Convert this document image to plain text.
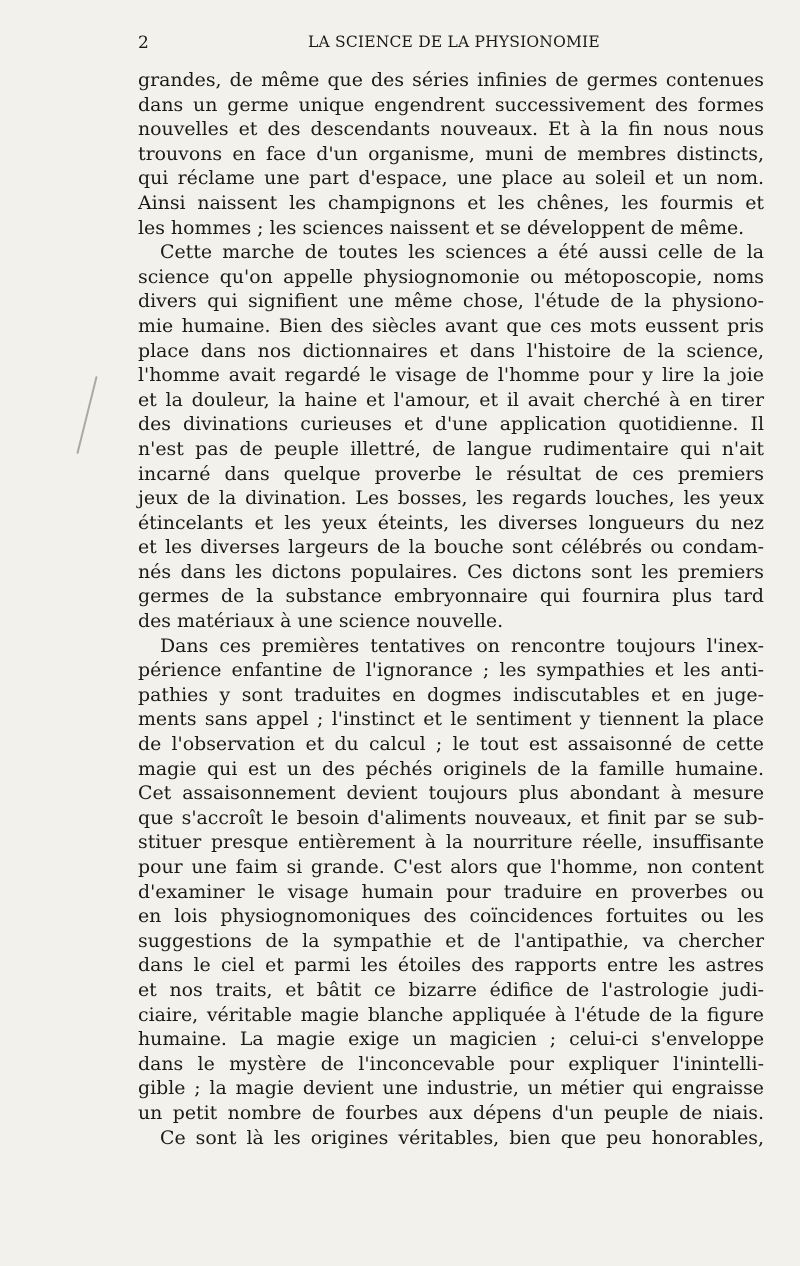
2	LA SCIENCE DE LA PHYSIONOMIE
grandes, de même que des séries infinies de germes contenues
dans un germe unique engendrent successivement des formes
nouvelles et des descendants nouveaux. Et à la fin nous nous
trouvons en face d'un organisme, muni de membres distincts,
qui réclame une part d'espace, une place au soleil et un nom.
Ainsi naissent les champignons et les chênes, les fourmis et
les hommes ; les sciences naissent et se développent de même.
Cette marche de toutes les sciences a été aussi celle de la
science qu'on appelle physiognomonie ou métoposcopie, noms
divers qui signifient une même chose, l'étude de la physiono-
mie humaine. Bien des siècles avant que ces mots eussent pris
place dans nos dictionnaires et dans l'histoire de la science,
l'homme avait regardé le visage de l'homme pour y lire la joie
et la douleur, la haine et l'amour, et il avait cherché à en tirer
des divinations curieuses et d'une application quotidienne. Il
n'est pas de peuple illettré, de langue rudimentaire qui n'ait
incarné dans quelque proverbe le résultat de ces premiers
jeux de la divination. Les bosses, les regards louches, les yeux
étincelants et les yeux éteints, les diverses longueurs du nez
et les diverses largeurs de la bouche sont célébrés ou condam-
nés dans les dictons populaires. Ces dictons sont les premiers
germes de la substance embryonnaire qui fournira plus tard
des matériaux à une science nouvelle.
Dans ces premières tentatives on rencontre toujours l'inex-
périence enfantine de l'ignorance ; les sympathies et les anti-
pathies y sont traduites en dogmes indiscutables et en juge-
ments sans appel ; l'instinct et le sentiment y tiennent la place
de l'observation et du calcul ; le tout est assaisonné de cette
magie qui est un des péchés originels de la famille humaine.
Cet assaisonnement devient toujours plus abondant à mesure
que s'accroît le besoin d'aliments nouveaux, et finit par se sub-
stituer presque entièrement à la nourriture réelle, insuffisante
pour une faim si grande. C'est alors que l'homme, non content
d'examiner le visage humain pour traduire en proverbes ou
en lois physiognomoniques des coïncidences fortuites ou les
suggestions de la sympathie et de l'antipathie, va chercher
dans le ciel et parmi les étoiles des rapports entre les astres
et nos traits, et bâtit ce bizarre édifice de l'astrologie judi-
ciaire, véritable magie blanche appliquée à l'étude de la figure
humaine. La magie exige un magicien ; celui-ci s'enveloppe
dans le mystère de l'inconcevable pour expliquer l'inintelli-
gible ; la magie devient une industrie, un métier qui engraisse
un petit nombre de fourbes aux dépens d'un peuple de niais.
Ce sont là les origines véritables, bien que peu honorables,
